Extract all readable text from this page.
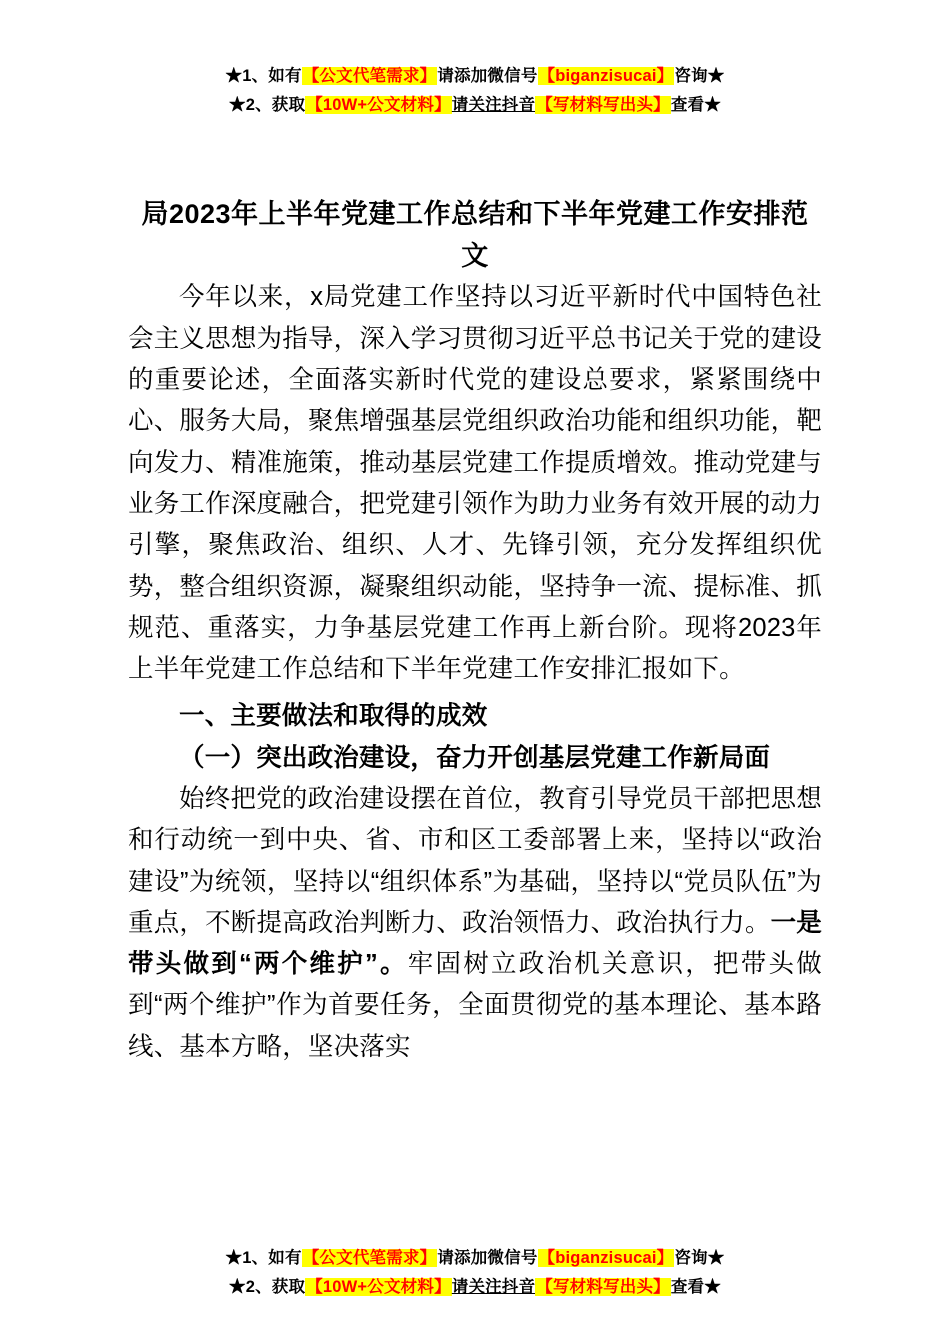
★1、如有【公文代笔需求】请添加微信号【biganzisucai】咨询★
★2、获取【10W+公文材料】请关注抖音【写材料写出头】查看★
局2023年上半年党建工作总结和下半年党建工作安排范文

今年以来，x局党建工作坚持以习近平新时代中国特色社会主义思想为指导，深入学习贯彻习近平总书记关于党的建设的重要论述，全面落实新时代党的建设总要求，紧紧围绕中心、服务大局，聚焦增强基层党组织政治功能和组织功能，靶向发力、精准施策，推动基层党建工作提质增效。推动党建与业务工作深度融合，把党建引领作为助力业务有效开展的动力引擎，聚焦政治、组织、人才、先锋引领，充分发挥组织优势，整合组织资源，凝聚组织动能，坚持争一流、提标准、抓规范、重落实，力争基层党建工作再上新台阶。现将2023年上半年党建工作总结和下半年党建工作安排汇报如下。

一、主要做法和取得的成效
（一）突出政治建设，奋力开创基层党建工作新局面

始终把党的政治建设摆在首位，教育引导党员干部把思想和行动统一到中央、省、市和区工委部署上来，坚持以“政治建设”为统领，坚持以“组织体系”为基础，坚持以“党员队伍”为重点，不断提高政治判断力、政治领悟力、政治执行力。一是带头做到“两个维护”。牢固树立政治机关意识，把带头做到“两个维护”作为首要任务，全面贯彻党的基本理论、基本路线、基本方略，坚决落实

★1、如有【公文代笔需求】请添加微信号【biganzisucai】咨询★
★2、获取【10W+公文材料】请关注抖音【写材料写出头】查看★
